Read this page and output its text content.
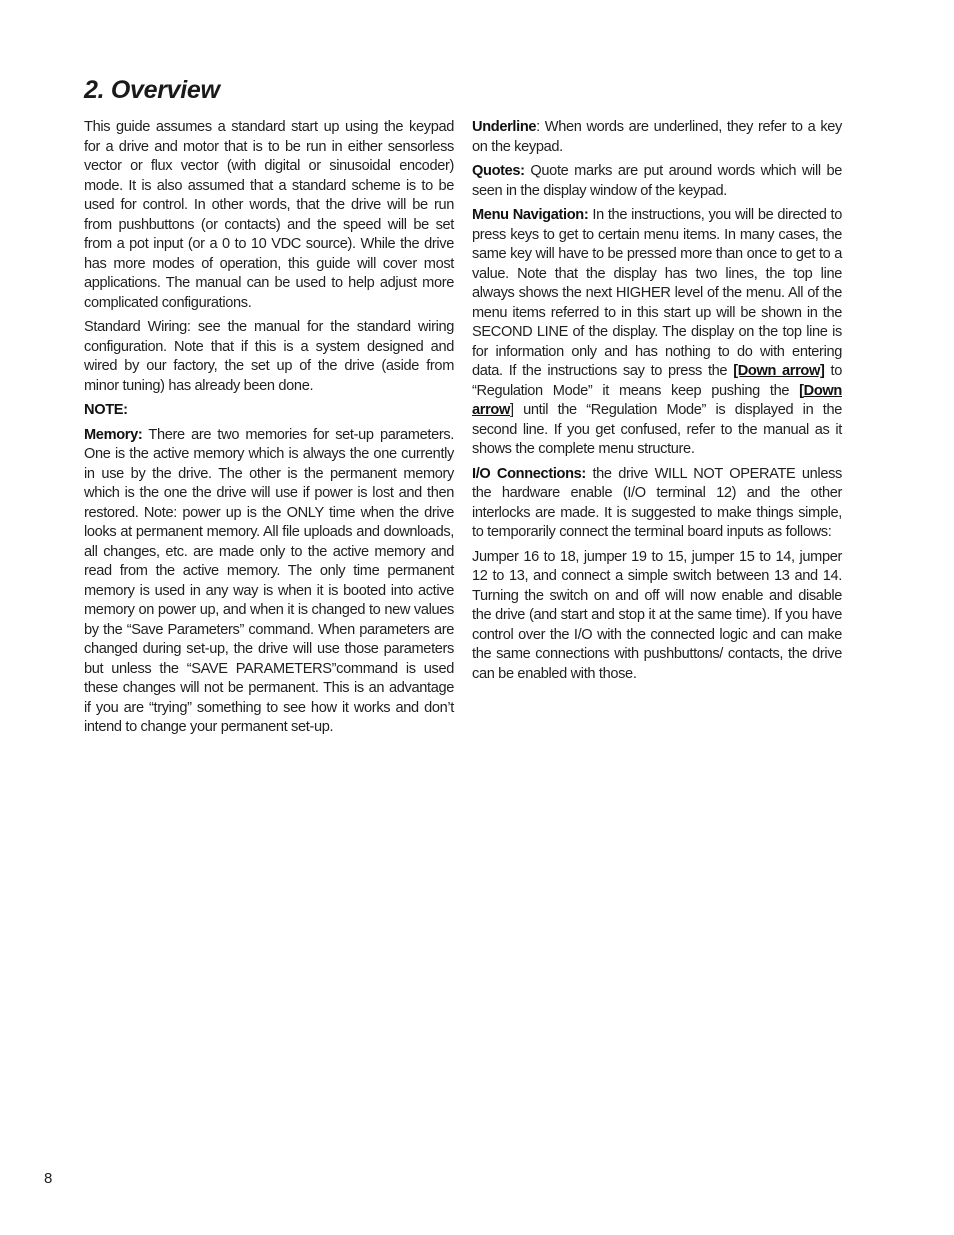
2. Overview

This guide assumes a standard start up using the keypad for a drive and motor that is to be run in either sensorless vector or flux vector (with digital or sinusoidal encoder) mode. It is also assumed that a standard scheme is to be used for control. In other words, that the drive will be run from pushbuttons (or contacts) and the speed will be set from a pot input (or a 0 to 10 VDC source). While the drive has more modes of operation, this guide will cover most applications. The manual can be used to help adjust more complicated configurations.

Standard Wiring: see the manual for the standard wiring configuration. Note that if this is a system designed and wired by our factory, the set up of the drive (aside from minor tuning) has already been done.

NOTE:

Memory: There are two memories for set-up parameters. One is the active memory which is always the one currently in use by the drive. The other is the permanent memory which is the one the drive will use if power is lost and then restored. Note: power up is the ONLY time when the drive looks at permanent memory. All file uploads and downloads, all changes, etc. are made only to the active memory and read from the active memory. The only time permanent memory is used in any way is when it is booted into active memory on power up, and when it is changed to new values by the “Save Parameters” command. When parameters are changed during set-up, the drive will use those parameters but unless the “SAVE PARAMETERS”command is used these changes will not be permanent. This is an advantage if you are “trying” something to see how it works and don’t intend to change your permanent set-up.

Underline: When words are underlined, they refer to a key on the keypad.

Quotes: Quote marks are put around words which will be seen in the display window of the keypad.

Menu Navigation: In the instructions, you will be directed to press keys to get to certain menu items. In many cases, the same key will have to be pressed more than once to get to a value. Note that the display has two lines, the top line always shows the next HIGHER level of the menu. All of the menu items referred to in this start up will be shown in the SECOND LINE of the display. The display on the top line is for information only and has nothing to do with entering data. If the instructions say to press the [Down arrow] to “Regulation Mode” it means keep pushing the [Down arrow] until the “Regulation Mode” is displayed in the second line. If you get confused, refer to the manual as it shows the complete menu structure.

I/O Connections: the drive WILL NOT OPERATE unless the hardware enable (I/O terminal 12) and the other interlocks are made. It is suggested to make things simple, to temporarily connect the terminal board inputs as follows:

Jumper 16 to 18, jumper 19 to 15, jumper 15 to 14, jumper 12 to 13, and connect a simple switch between 13 and 14. Turning the switch on and off will now enable and disable the drive (and start and stop it at the same time). If you have control over the I/O with the connected logic and can make the same connections with pushbuttons/ contacts, the drive can be enabled with those.

8
